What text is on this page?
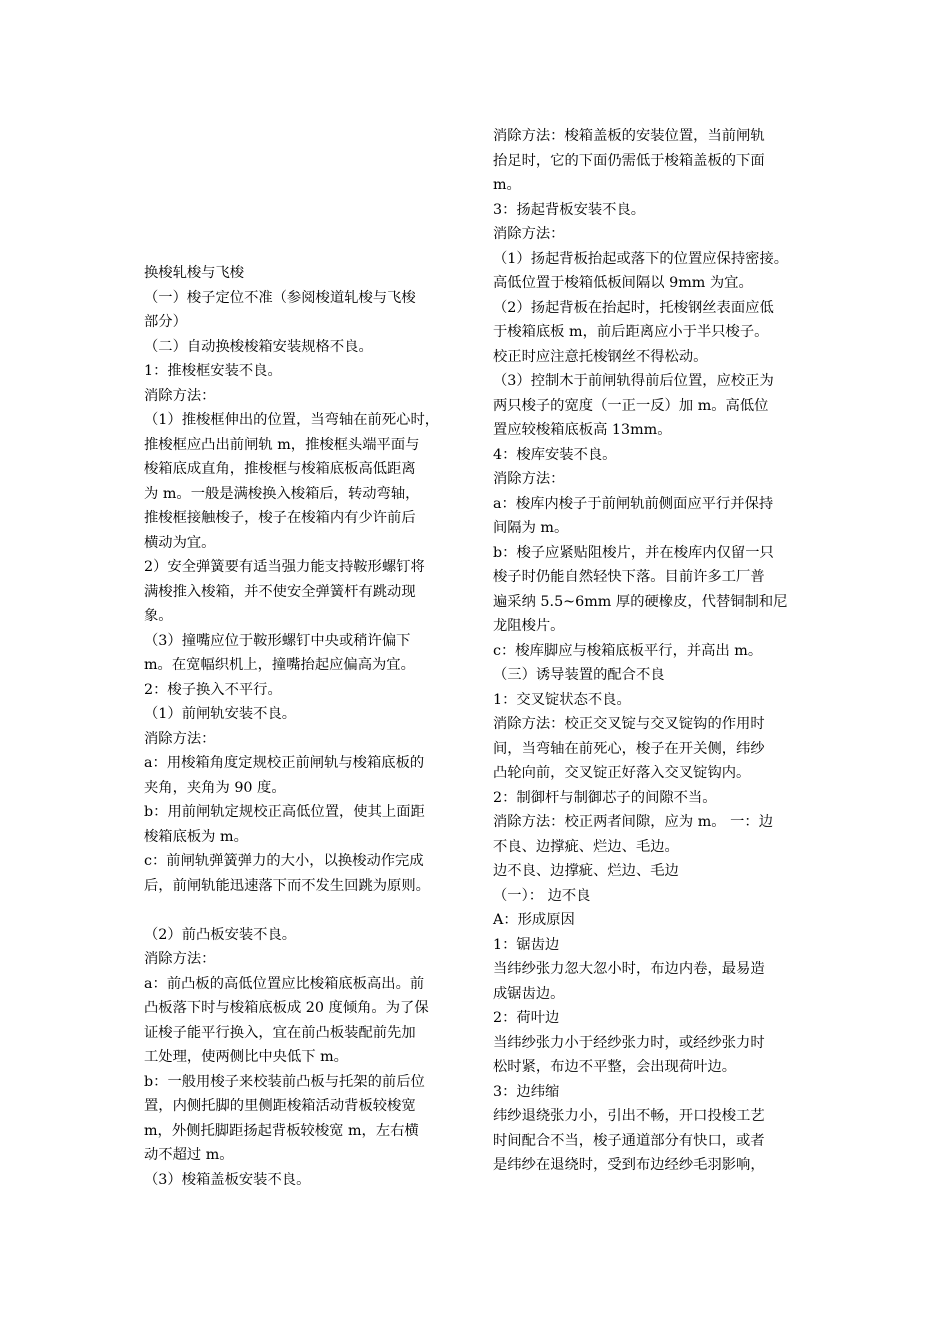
换梭轧梭与飞梭
（一）梭子定位不准（参阅梭道轧梭与飞梭
部分）
（二）自动换梭梭箱安装规格不良。
1：推梭框安装不良。
消除方法：
（1）推梭框伸出的位置，当弯轴在前死心时，
推梭框应凸出前闸轨 m，推梭框头端平面与
梭箱底成直角，推梭框与梭箱底板高低距离
为 m。一般是满梭换入梭箱后，转动弯轴，
推梭框接触梭子，梭子在梭箱内有少许前后
横动为宜。
2）安全弹簧要有适当强力能支持鞍形螺钉将
满梭推入梭箱，并不使安全弹簧杆有跳动现
象。
（3）撞嘴应位于鞍形螺钉中央或稍许偏下
m。在宽幅织机上，撞嘴抬起应偏高为宜。
2：梭子换入不平行。
（1）前闸轨安装不良。
消除方法：
a：用梭箱角度定规校正前闸轨与梭箱底板的
夹角，夹角为 90 度。
b：用前闸轨定规校正高低位置，使其上面距
梭箱底板为 m。
c：前闸轨弹簧弹力的大小，以换梭动作完成
后，前闸轨能迅速落下而不发生回跳为原则。
（2）前凸板安装不良。
消除方法：
a：前凸板的高低位置应比梭箱底板高出。前
凸板落下时与梭箱底板成 20 度倾角。为了保
证梭子能平行换入，宜在前凸板装配前先加
工处理，使两侧比中央低下 m。
b：一般用梭子来校装前凸板与托架的前后位
置，内侧托脚的里侧距梭箱活动背板较梭宽
m，外侧托脚距扬起背板较梭宽 m，左右横
动不超过 m。
（3）梭箱盖板安装不良。
消除方法：梭箱盖板的安装位置，当前闸轨
抬足时，它的下面仍需低于梭箱盖板的下面
m。
3：扬起背板安装不良。
消除方法：
（1）扬起背板抬起或落下的位置应保持密接。
高低位置于梭箱低板间隔以 9mm 为宜。
（2）扬起背板在抬起时，托梭钢丝表面应低
于梭箱底板 m，前后距离应小于半只梭子。
校正时应注意托梭钢丝不得松动。
（3）控制木于前闸轨得前后位置，应校正为
两只梭子的宽度（一正一反）加 m。高低位
置应较梭箱底板高 13mm。
4：梭库安装不良。
消除方法：
a：梭库内梭子于前闸轨前侧面应平行并保持
间隔为 m。
b：梭子应紧贴阻梭片，并在梭库内仅留一只
梭子时仍能自然轻快下落。目前许多工厂普
遍采纳 5.5~6mm 厚的硬橡皮，代替铜制和尼
龙阻梭片。
c：梭库脚应与梭箱底板平行，并高出 m。
（三）诱导装置的配合不良
1：交叉锭状态不良。
消除方法：校正交叉锭与交叉锭钩的作用时
间，当弯轴在前死心，梭子在开关侧，纬纱
凸轮向前，交叉锭正好落入交叉锭钩内。
2：制御杆与制御芯子的间隙不当。
消除方法：校正两者间隙，应为 m。 一：边
不良、边撑疵、烂边、毛边。
边不良、边撑疵、烂边、毛边
（一）： 边不良
A：形成原因
1：锯齿边
当纬纱张力忽大忽小时，布边内卷，最易造
成锯齿边。
2：荷叶边
当纬纱张力小于经纱张力时，或经纱张力时
松时紧，布边不平整，会出现荷叶边。
3：边纬缩
纬纱退绕张力小，引出不畅，开口投梭工艺
时间配合不当，梭子通道部分有快口，或者
是纬纱在退绕时，受到布边经纱毛羽影响，
